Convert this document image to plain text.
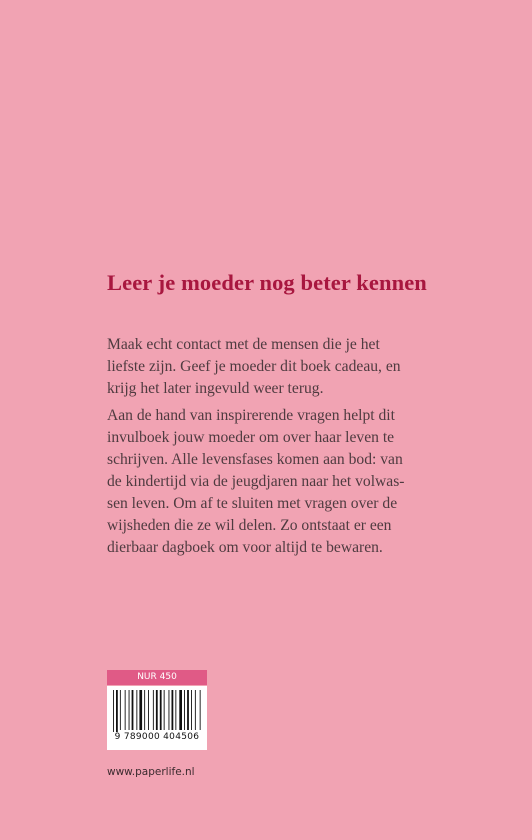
Leer je moeder nog beter kennen

Maak echt contact met de mensen die je het
liefste zijn. Geef je moeder dit boek cadeau, en
krijg het later ingevuld weer terug.

Aan de hand van inspirerende vragen helpt dit
invulboek jouw moeder om over haar leven te
schrijven. Alle levensfases komen aan bod: van
de kindertijd via de jeugdjaren naar het volwas-
sen leven. Om af te sluiten met vragen over de
wijsheden die ze wil delen. Zo ontstaat er een
dierbaar dagboek om voor altijd te bewaren.

NUR 450
9 789000 404506
www.paperlife.nl
